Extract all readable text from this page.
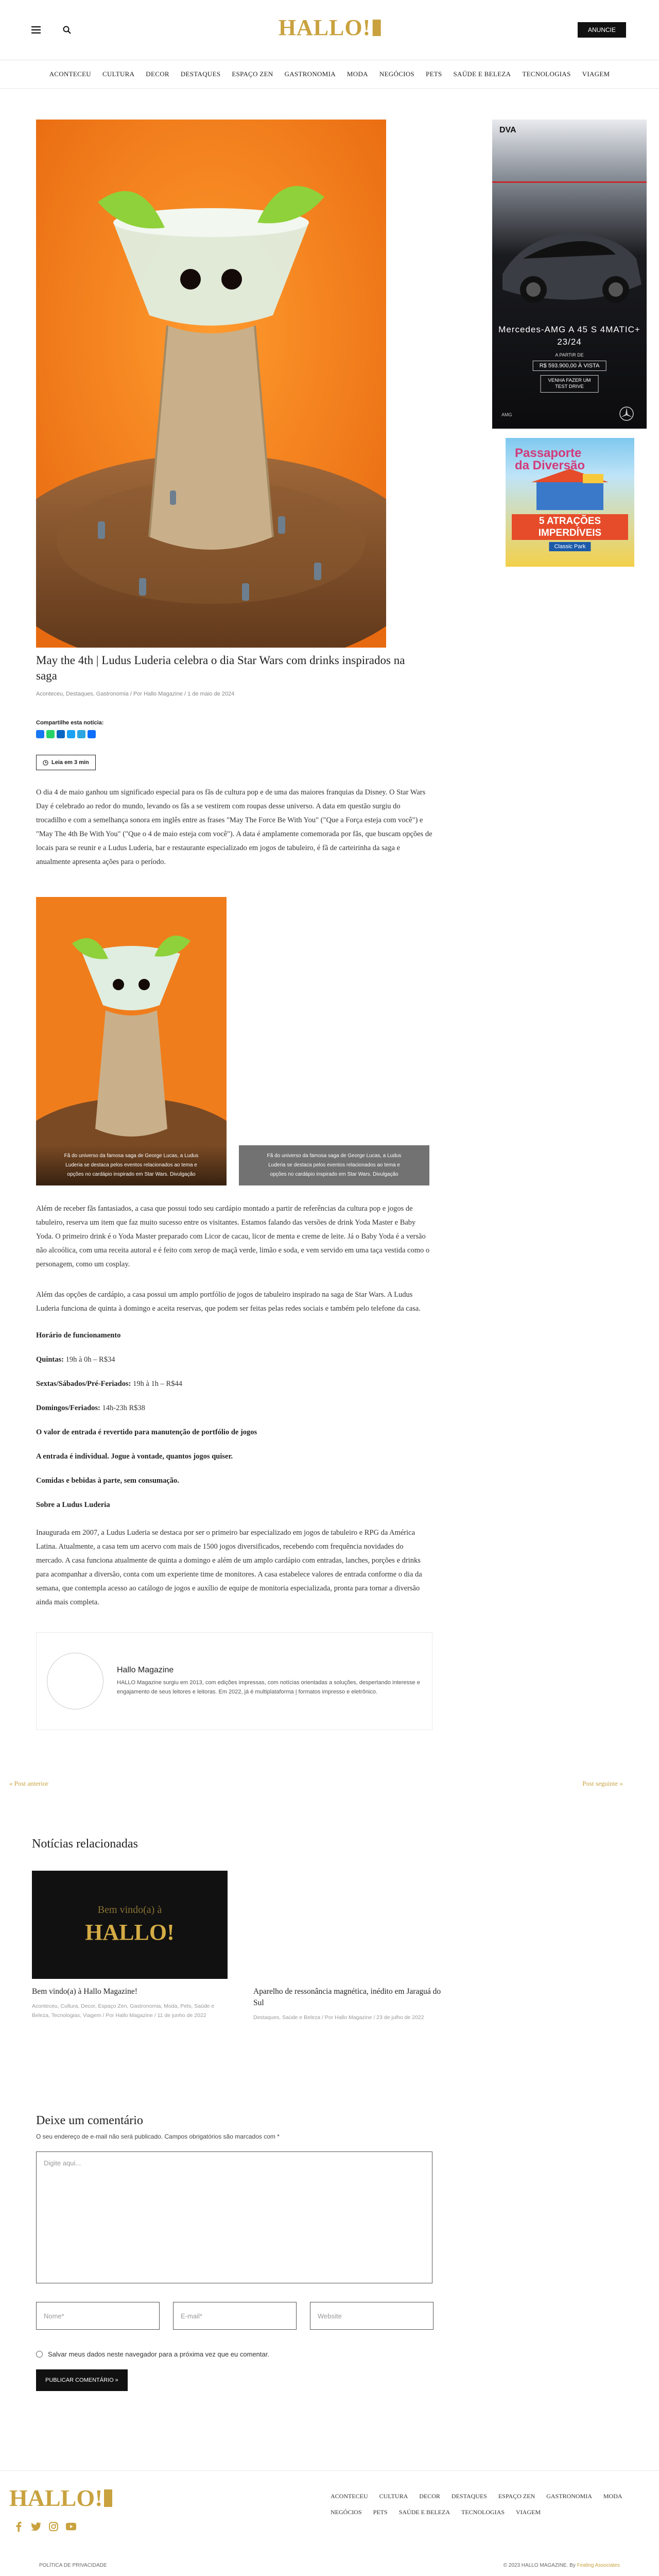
HALLO!	ANUNCIE
ACONTECEU CULTURA DECOR DESTAQUES ESPAÇO ZEN GASTRONOMIA MODA NEGÓCIOS PETS SAÚDE E BELEZA TECNOLOGIAS VIAGEM
May the 4th | Ludus Luderia celebra o dia Star Wars com drinks inspirados na saga
Aconteceu, Destaques, Gastronomia / Por Hallo Magazine / 1 de maio de 2024
Compartilhe esta notícia:
Leia em 3 min

O dia 4 de maio ganhou um significado especial para os fãs de cultura pop e de uma das maiores franquias da Disney. O Star Wars Day é celebrado ao redor do mundo, levando os fãs a se vestirem com roupas desse universo. A data em questão surgiu do trocadilho e com a semelhança sonora em inglês entre as frases "May The Force Be With You" ("Que a Força esteja com você") e "May The 4th Be With You" ("Que o 4 de maio esteja com você"). A data é amplamente comemorada por fãs, que buscam opções de locais para se reunir e a Ludus Luderia, bar e restaurante especializado em jogos de tabuleiro, é fã de carteirinha da saga e anualmente apresenta ações para o período.

Fã do universo da famosa saga de George Lucas, a Ludus Luderia se destaca pelos eventos relacionados ao tema e opções no cardápio inspirado em Star Wars. Divulgação
Fã do universo da famosa saga de George Lucas, a Ludus Luderia se destaca pelos eventos relacionados ao tema e opções no cardápio inspirado em Star Wars. Divulgação

Além de receber fãs fantasiados, a casa que possui todo seu cardápio montado a partir de referências da cultura pop e jogos de tabuleiro, reserva um item que faz muito sucesso entre os visitantes. Estamos falando das versões de drink Yoda Master e Baby Yoda. O primeiro drink é o Yoda Master preparado com Licor de cacau, licor de menta e creme de leite. Já o Baby Yoda é a versão não alcoólica, com uma receita autoral e é feito com xerop de maçã verde, limão e soda, e vem servido em uma taça vestida como o personagem, como um cosplay.

Além das opções de cardápio, a casa possui um amplo portfólio de jogos de tabuleiro inspirado na saga de Star Wars. A Ludus Luderia funciona de quinta à domingo e aceita reservas, que podem ser feitas pelas redes sociais e também pelo telefone da casa.

Horário de funcionamento
Quintas: 19h à 0h – R$34
Sextas/Sábados/Pré-Feriados: 19h à 1h – R$44
Domingos/Feriados: 14h-23h R$38
O valor de entrada é revertido para manutenção de portfólio de jogos
A entrada é individual. Jogue à vontade, quantos jogos quiser.
Comidas e bebidas à parte, sem consumação.
Sobre a Ludus Luderia

Inaugurada em 2007, a Ludus Luderia se destaca por ser o primeiro bar especializado em jogos de tabuleiro e RPG da América Latina. Atualmente, a casa tem um acervo com mais de 1500 jogos diversificados, recebendo com frequência novidades do mercado. A casa funciona atualmente de quinta a domingo e além de um amplo cardápio com entradas, lanches, porções e drinks para acompanhar a diversão, conta com um experiente time de monitores. A casa estabelece valores de entrada conforme o dia da semana, que contempla acesso ao catálogo de jogos e auxílio de equipe de monitoria especializada, pronta para tornar a diversão ainda mais completa.

Hallo Magazine
HALLO Magazine surgiu em 2013, com edições impressas, com notícias orientadas a soluções, despertando interesse e engajamento de seus leitores e leitoras. Em 2022, já é multiplataforma | formatos impresso e eletrônico.
DVA
Mercedes-AMG A 45 S 4MATIC+
23/24
A PARTIR DE
R$ 593.900,00 À VISTA
VENHA FAZER UM
TEST DRIVE
AMG
Passaporte
da Diversão
5 ATRAÇÕES
IMPERDÍVEIS
Classic Park
« Post anterior	Post seguinte »
Notícias relacionadas
Bem vindo(a) à
HALLO!
Bem vindo(a) à Hallo Magazine!
Aconteceu, Cultura, Decor, Espaço Zen, Gastronomia, Moda, Pets, Saúde e Beleza, Tecnologias, Viagem / Por Hallo Magazine / 11 de junho de 2022
Aparelho de ressonância magnética, inédito em Jaraguá do Sul
Destaques, Saúde e Beleza / Por Hallo Magazine / 23 de julho de 2022
Deixe um comentário
O seu endereço de e-mail não será publicado. Campos obrigatórios são marcados com *
Digite aqui...
Nome*
E-mail*
Website
Salvar meus dados neste navegador para a próxima vez que eu comentar.
PUBLICAR COMENTÁRIO »
HALLO!	ACONTECEU CULTURA DECOR DESTAQUES ESPAÇO ZEN GASTRONOMIA MODA
NEGÓCIOS PETS SAÚDE E BELEZA TECNOLOGIAS VIAGEM
POLÍTICA DE PRIVACIDADE	© 2023 HALLO MAGAZINE. By Fealing Associates
